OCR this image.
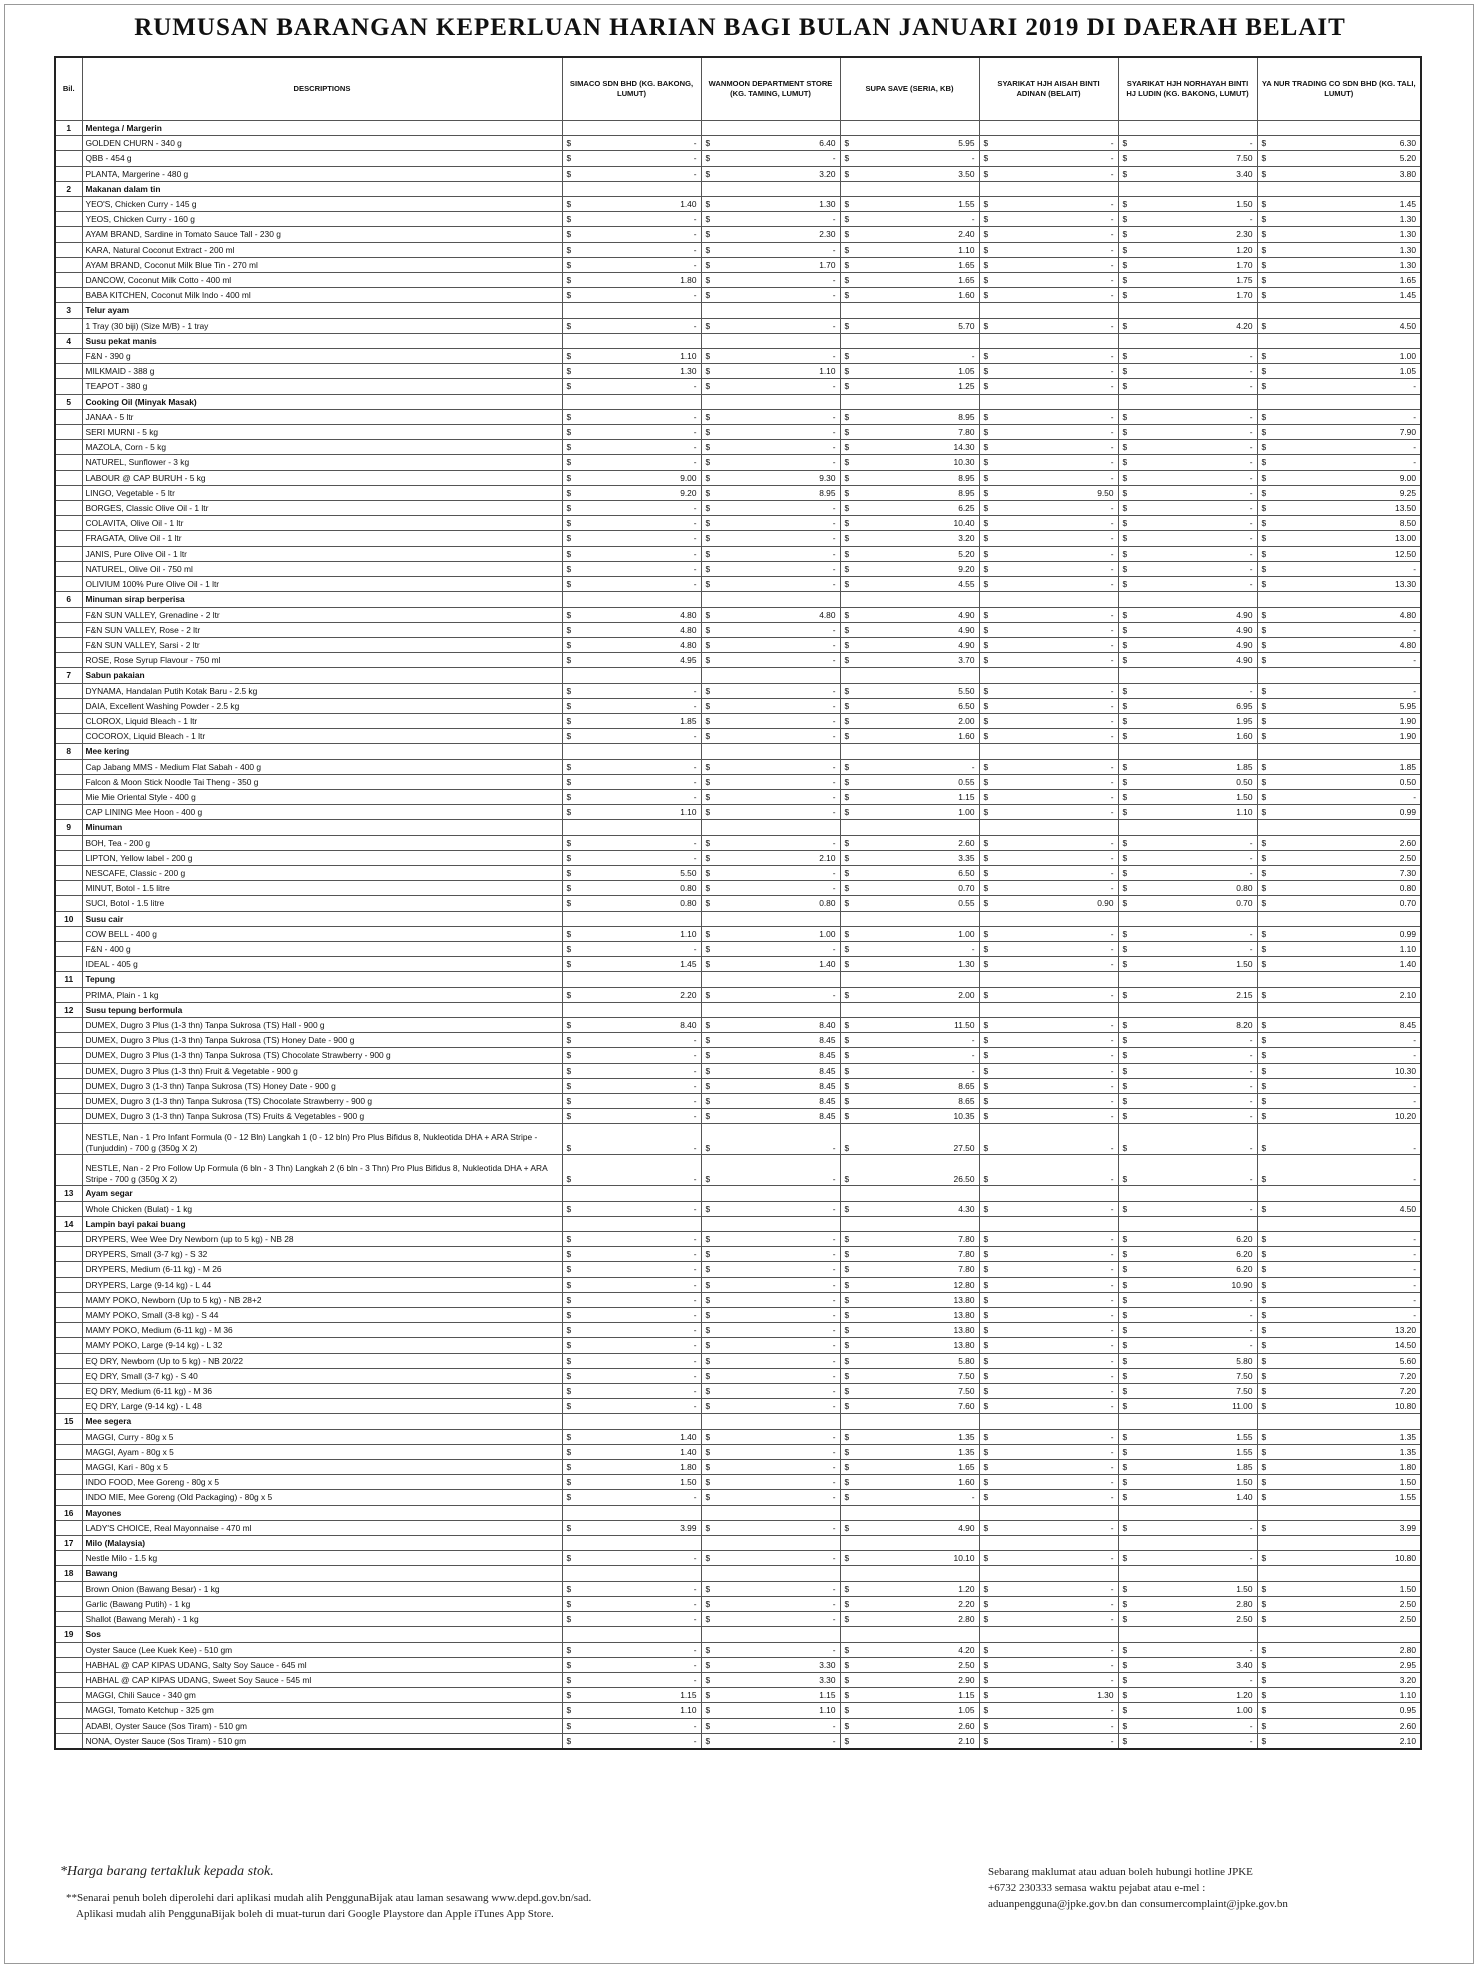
RUMUSAN BARANGAN KEPERLUAN HARIAN BAGI BULAN JANUARI 2019 DI DAERAH BELAIT
Bil.	DESCRIPTIONS	SIMACO SDN BHD (KG. BAKONG, LUMUT)	WANMOON DEPARTMENT STORE (KG. TAMING, LUMUT)	SUPA SAVE (SERIA, KB)	SYARIKAT HJH AISAH BINTI ADINAN (BELAIT)	SYARIKAT HJH NORHAYAH BINTI HJ LUDIN (KG. BAKONG, LUMUT)	YA NUR TRADING CO SDN BHD (KG. TALI, LUMUT)
1	Mentega / Margerin						
	GOLDEN CHURN - 340 g	$ -	$ 6.40	$ 5.95	$ -	$ -	$ 6.30

	QBB - 454 g	$ -	$ -	$ -	$ -	$ 7.50	$ 5.20

	PLANTA, Margerine - 480 g	$ -	$ 3.20	$ 3.50	$ -	$ 3.40	$ 3.80

2	Makanan dalam tin						
	YEO'S, Chicken Curry - 145 g	$ 1.40	$ 1.30	$ 1.55	$ -	$ 1.50	$ 1.45

	YEOS, Chicken Curry - 160 g	$ -	$ -	$ -	$ -	$ -	$ 1.30

	AYAM BRAND, Sardine in Tomato Sauce Tall - 230 g	$ -	$ 2.30	$ 2.40	$ -	$ 2.30	$ 1.30

	KARA, Natural Coconut Extract - 200 ml	$ -	$ -	$ 1.10	$ -	$ 1.20	$ 1.30

	AYAM BRAND, Coconut Milk Blue Tin - 270 ml	$ -	$ 1.70	$ 1.65	$ -	$ 1.70	$ 1.30

	DANCOW, Coconut Milk Cotto - 400 ml	$ 1.80	$ -	$ 1.65	$ -	$ 1.75	$ 1.65

	BABA KITCHEN, Coconut Milk Indo - 400 ml	$ -	$ -	$ 1.60	$ -	$ 1.70	$ 1.45

3	Telur ayam						
	1 Tray (30 biji) (Size M/B) - 1 tray	$ -	$ -	$ 5.70	$ -	$ 4.20	$ 4.50

4	Susu pekat manis						
	F&N - 390 g	$ 1.10	$ -	$ -	$ -	$ -	$ 1.00

	MILKMAID - 388 g	$ 1.30	$ 1.10	$ 1.05	$ -	$ -	$ 1.05

	TEAPOT - 380 g	$ -	$ -	$ 1.25	$ -	$ -	$ -

5	Cooking Oil (Minyak Masak)						
	JANAA - 5 ltr	$ -	$ -	$ 8.95	$ -	$ -	$ -

	SERI MURNI - 5 kg	$ -	$ -	$ 7.80	$ -	$ -	$ 7.90

	MAZOLA, Corn - 5 kg	$ -	$ -	$ 14.30	$ -	$ -	$ -

	NATUREL, Sunflower - 3 kg	$ -	$ -	$ 10.30	$ -	$ -	$ -

	LABOUR @ CAP BURUH - 5 kg	$ 9.00	$ 9.30	$ 8.95	$ -	$ -	$ 9.00

	LINGO, Vegetable - 5 ltr	$ 9.20	$ 8.95	$ 8.95	$ 9.50	$ -	$ 9.25

	BORGES, Classic Olive Oil - 1 ltr	$ -	$ -	$ 6.25	$ -	$ -	$ 13.50

	COLAVITA, Olive Oil - 1 ltr	$ -	$ -	$ 10.40	$ -	$ -	$ 8.50

	FRAGATA, Olive Oil - 1 ltr	$ -	$ -	$ 3.20	$ -	$ -	$ 13.00

	JANIS, Pure Olive Oil - 1 ltr	$ -	$ -	$ 5.20	$ -	$ -	$ 12.50

	NATUREL, Olive Oil - 750 ml	$ -	$ -	$ 9.20	$ -	$ -	$ -

	OLIVIUM 100% Pure Olive Oil - 1 ltr	$ -	$ -	$ 4.55	$ -	$ -	$ 13.30

6	Minuman sirap berperisa						
	F&N SUN VALLEY, Grenadine - 2 ltr	$ 4.80	$ 4.80	$ 4.90	$ -	$ 4.90	$ 4.80

	F&N SUN VALLEY, Rose - 2 ltr	$ 4.80	$ -	$ 4.90	$ -	$ 4.90	$ -

	F&N SUN VALLEY, Sarsi - 2 ltr	$ 4.80	$ -	$ 4.90	$ -	$ 4.90	$ 4.80

	ROSE, Rose Syrup Flavour - 750 ml	$ 4.95	$ -	$ 3.70	$ -	$ 4.90	$ -

7	Sabun pakaian						
	DYNAMA, Handalan Putih Kotak Baru - 2.5 kg	$ -	$ -	$ 5.50	$ -	$ -	$ -

	DAIA, Excellent Washing Powder - 2.5 kg	$ -	$ -	$ 6.50	$ -	$ 6.95	$ 5.95

	CLOROX, Liquid Bleach - 1 ltr	$ 1.85	$ -	$ 2.00	$ -	$ 1.95	$ 1.90

	COCOROX, Liquid Bleach - 1 ltr	$ -	$ -	$ 1.60	$ -	$ 1.60	$ 1.90

8	Mee kering						
	Cap Jabang MMS - Medium Flat Sabah - 400 g	$ -	$ -	$ -	$ -	$ 1.85	$ 1.85

	Falcon & Moon Stick Noodle Tai Theng - 350 g	$ -	$ -	$ 0.55	$ -	$ 0.50	$ 0.50

	Mie Mie Oriental Style - 400 g	$ -	$ -	$ 1.15	$ -	$ 1.50	$ -

	CAP LINING Mee Hoon - 400 g	$ 1.10	$ -	$ 1.00	$ -	$ 1.10	$ 0.99

9	Minuman						
	BOH, Tea - 200 g	$ -	$ -	$ 2.60	$ -	$ -	$ 2.60

	LIPTON, Yellow label - 200 g	$ -	$ 2.10	$ 3.35	$ -	$ -	$ 2.50

	NESCAFE, Classic - 200 g	$ 5.50	$ -	$ 6.50	$ -	$ -	$ 7.30

	MINUT, Botol - 1.5 litre	$ 0.80	$ -	$ 0.70	$ -	$ 0.80	$ 0.80

	SUCI, Botol - 1.5 litre	$ 0.80	$ 0.80	$ 0.55	$ 0.90	$ 0.70	$ 0.70

10	Susu cair						
	COW BELL - 400 g	$ 1.10	$ 1.00	$ 1.00	$ -	$ -	$ 0.99

	F&N - 400 g	$ -	$ -	$ -	$ -	$ -	$ 1.10

	IDEAL - 405 g	$ 1.45	$ 1.40	$ 1.30	$ -	$ 1.50	$ 1.40

11	Tepung						
	PRIMA, Plain - 1 kg	$ 2.20	$ -	$ 2.00	$ -	$ 2.15	$ 2.10

12	Susu tepung berformula						
	DUMEX, Dugro 3 Plus (1-3 thn) Tanpa Sukrosa (TS) Hall - 900 g	$ 8.40	$ 8.40	$ 11.50	$ -	$ 8.20	$ 8.45

	DUMEX, Dugro 3 Plus (1-3 thn) Tanpa Sukrosa (TS) Honey Date - 900 g	$ -	$ 8.45	$ -	$ -	$ -	$ -

	DUMEX, Dugro 3 Plus (1-3 thn) Tanpa Sukrosa (TS) Chocolate Strawberry - 900 g	$ -	$ 8.45	$ -	$ -	$ -	$ -

	DUMEX, Dugro 3 Plus (1-3 thn) Fruit & Vegetable - 900 g	$ -	$ 8.45	$ -	$ -	$ -	$ 10.30

	DUMEX, Dugro 3 (1-3 thn) Tanpa Sukrosa (TS) Honey Date - 900 g	$ -	$ 8.45	$ 8.65	$ -	$ -	$ -

	DUMEX, Dugro 3 (1-3 thn) Tanpa Sukrosa (TS) Chocolate Strawberry - 900 g	$ -	$ 8.45	$ 8.65	$ -	$ -	$ -

	DUMEX, Dugro 3 (1-3 thn) Tanpa Sukrosa (TS) Fruits & Vegetables - 900 g	$ -	$ 8.45	$ 10.35	$ -	$ -	$ 10.20

	NESTLE, Nan - 1 Pro Infant Formula (0 - 12 Bln) Langkah 1 (0 - 12 bln) Pro Plus Bifidus 8, Nukleotida DHA + ARA Stripe - (Tunjuddin) - 700 g (350g X 2)	$ -	$ -	$ 27.50	$ -	$ -	$ -

	NESTLE, Nan - 2 Pro Follow Up Formula (6 bln - 3 Thn) Langkah 2 (6 bln - 3 Thn) Pro Plus Bifidus 8, Nukleotida DHA + ARA Stripe - 700 g (350g X 2)	$ -	$ -	$ 26.50	$ -	$ -	$ -

13	Ayam segar						
	Whole Chicken (Bulat) - 1 kg	$ -	$ -	$ 4.30	$ -	$ -	$ 4.50

14	Lampin bayi pakai buang						
	DRYPERS, Wee Wee Dry Newborn (up to 5 kg) - NB 28	$ -	$ -	$ 7.80	$ -	$ 6.20	$ -

	DRYPERS, Small (3-7 kg) - S 32	$ -	$ -	$ 7.80	$ -	$ 6.20	$ -

	DRYPERS, Medium (6-11 kg) - M 26	$ -	$ -	$ 7.80	$ -	$ 6.20	$ -

	DRYPERS, Large (9-14 kg) - L 44	$ -	$ -	$ 12.80	$ -	$ 10.90	$ -

	MAMY POKO, Newborn (Up to 5 kg) - NB 28+2	$ -	$ -	$ 13.80	$ -	$ -	$ -

	MAMY POKO, Small (3-8 kg) - S 44	$ -	$ -	$ 13.80	$ -	$ -	$ -

	MAMY POKO, Medium (6-11 kg) - M 36	$ -	$ -	$ 13.80	$ -	$ -	$ 13.20

	MAMY POKO, Large (9-14 kg) - L 32	$ -	$ -	$ 13.80	$ -	$ -	$ 14.50

	EQ DRY, Newborn (Up to 5 kg) - NB 20/22	$ -	$ -	$ 5.80	$ -	$ 5.80	$ 5.60

	EQ DRY, Small (3-7 kg) - S 40	$ -	$ -	$ 7.50	$ -	$ 7.50	$ 7.20

	EQ DRY, Medium (6-11 kg) - M 36	$ -	$ -	$ 7.50	$ -	$ 7.50	$ 7.20

	EQ DRY, Large (9-14 kg) - L 48	$ -	$ -	$ 7.60	$ -	$ 11.00	$ 10.80

15	Mee segera						
	MAGGI, Curry - 80g x 5	$ 1.40	$ -	$ 1.35	$ -	$ 1.55	$ 1.35

	MAGGI, Ayam - 80g x 5	$ 1.40	$ -	$ 1.35	$ -	$ 1.55	$ 1.35

	MAGGI, Kari - 80g x 5	$ 1.80	$ -	$ 1.65	$ -	$ 1.85	$ 1.80

	INDO FOOD, Mee Goreng - 80g x 5	$ 1.50	$ -	$ 1.60	$ -	$ 1.50	$ 1.50

	INDO MIE, Mee Goreng (Old Packaging) - 80g x 5	$ -	$ -	$ -	$ -	$ 1.40	$ 1.55

16	Mayones						
	LADY'S CHOICE, Real Mayonnaise - 470 ml	$ 3.99	$ -	$ 4.90	$ -	$ -	$ 3.99

17	Milo (Malaysia)						
	Nestle Milo - 1.5 kg	$ -	$ -	$ 10.10	$ -	$ -	$ 10.80

18	Bawang						
	Brown Onion (Bawang Besar) - 1 kg	$ -	$ -	$ 1.20	$ -	$ 1.50	$ 1.50

	Garlic (Bawang Putih) - 1 kg	$ -	$ -	$ 2.20	$ -	$ 2.80	$ 2.50

	Shallot (Bawang Merah) - 1 kg	$ -	$ -	$ 2.80	$ -	$ 2.50	$ 2.50

19	Sos						
	Oyster Sauce (Lee Kuek Kee) - 510 gm	$ -	$ -	$ 4.20	$ -	$ -	$ 2.80

	HABHAL @ CAP KIPAS UDANG, Salty Soy Sauce - 645 ml	$ -	$ 3.30	$ 2.50	$ -	$ 3.40	$ 2.95

	HABHAL @ CAP KIPAS UDANG, Sweet Soy Sauce - 545 ml	$ -	$ 3.30	$ 2.90	$ -	$ -	$ 3.20

	MAGGI, Chili Sauce - 340 gm	$ 1.15	$ 1.15	$ 1.15	$ 1.30	$ 1.20	$ 1.10

	MAGGI, Tomato Ketchup - 325 gm	$ 1.10	$ 1.10	$ 1.05	$ -	$ 1.00	$ 0.95

	ADABI, Oyster Sauce (Sos Tiram) - 510 gm	$ -	$ -	$ 2.60	$ -	$ -	$ 2.60

	NONA, Oyster Sauce (Sos Tiram) - 510 gm	$ -	$ -	$ 2.10	$ -	$ -	$ 2.10
*Harga barang tertakluk kepada stok.
**Senarai penuh boleh diperolehi dari aplikasi mudah alih PenggunaBijak atau laman sesawang www.depd.gov.bn/sad.
Aplikasi mudah alih PenggunaBijak boleh di muat-turun dari Google Playstore dan Apple iTunes App Store.
Sebarang maklumat atau aduan boleh hubungi hotline JPKE
+6732 230333 semasa waktu pejabat atau e-mel :
aduanpengguna@jpke.gov.bn dan consumercomplaint@jpke.gov.bn
